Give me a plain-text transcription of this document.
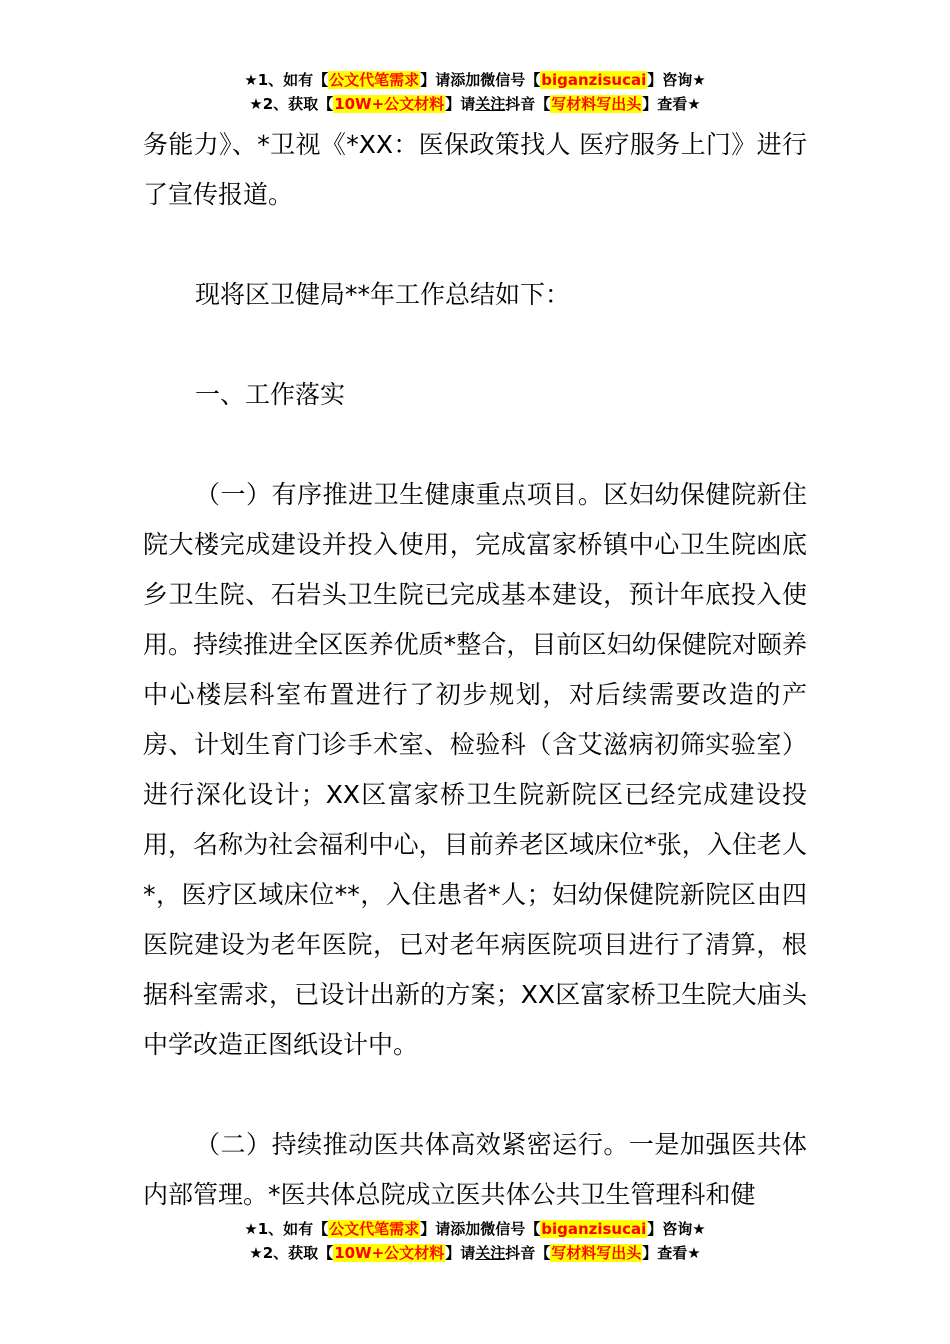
★1、如有【公文代笔需求】请添加微信号【biganzisucai】咨询★
★2、获取【10W+公文材料】请关注抖音【写材料写出头】查看★

务能力》、*卫视《*XX：医保政策找人 医疗服务上门》进行了宣传报道。

现将区卫健局**年工作总结如下：

一、工作落实

（一）有序推进卫生健康重点项目。区妇幼保健院新住院大楼完成建设并投入使用，完成富家桥镇中心卫生院凼底乡卫生院、石岩头卫生院已完成基本建设，预计年底投入使用。持续推进全区医养优质*整合，目前区妇幼保健院对颐养中心楼层科室布置进行了初步规划，对后续需要改造的产房、计划生育门诊手术室、检验科（含艾滋病初筛实验室）进行深化设计；XX区富家桥卫生院新院区已经完成建设投用，名称为社会福利中心，目前养老区域床位*张，入住老人*，医疗区域床位**，入住患者*人；妇幼保健院新院区由四医院建设为老年医院，已对老年病医院项目进行了清算，根据科室需求，已设计出新的方案；XX区富家桥卫生院大庙头中学改造正图纸设计中。

（二）持续推动医共体高效紧密运行。一是加强医共体内部管理。*医共体总院成立医共体公共卫生管理科和健

★1、如有【公文代笔需求】请添加微信号【biganzisucai】咨询★
★2、获取【10W+公文材料】请关注抖音【写材料写出头】查看★
